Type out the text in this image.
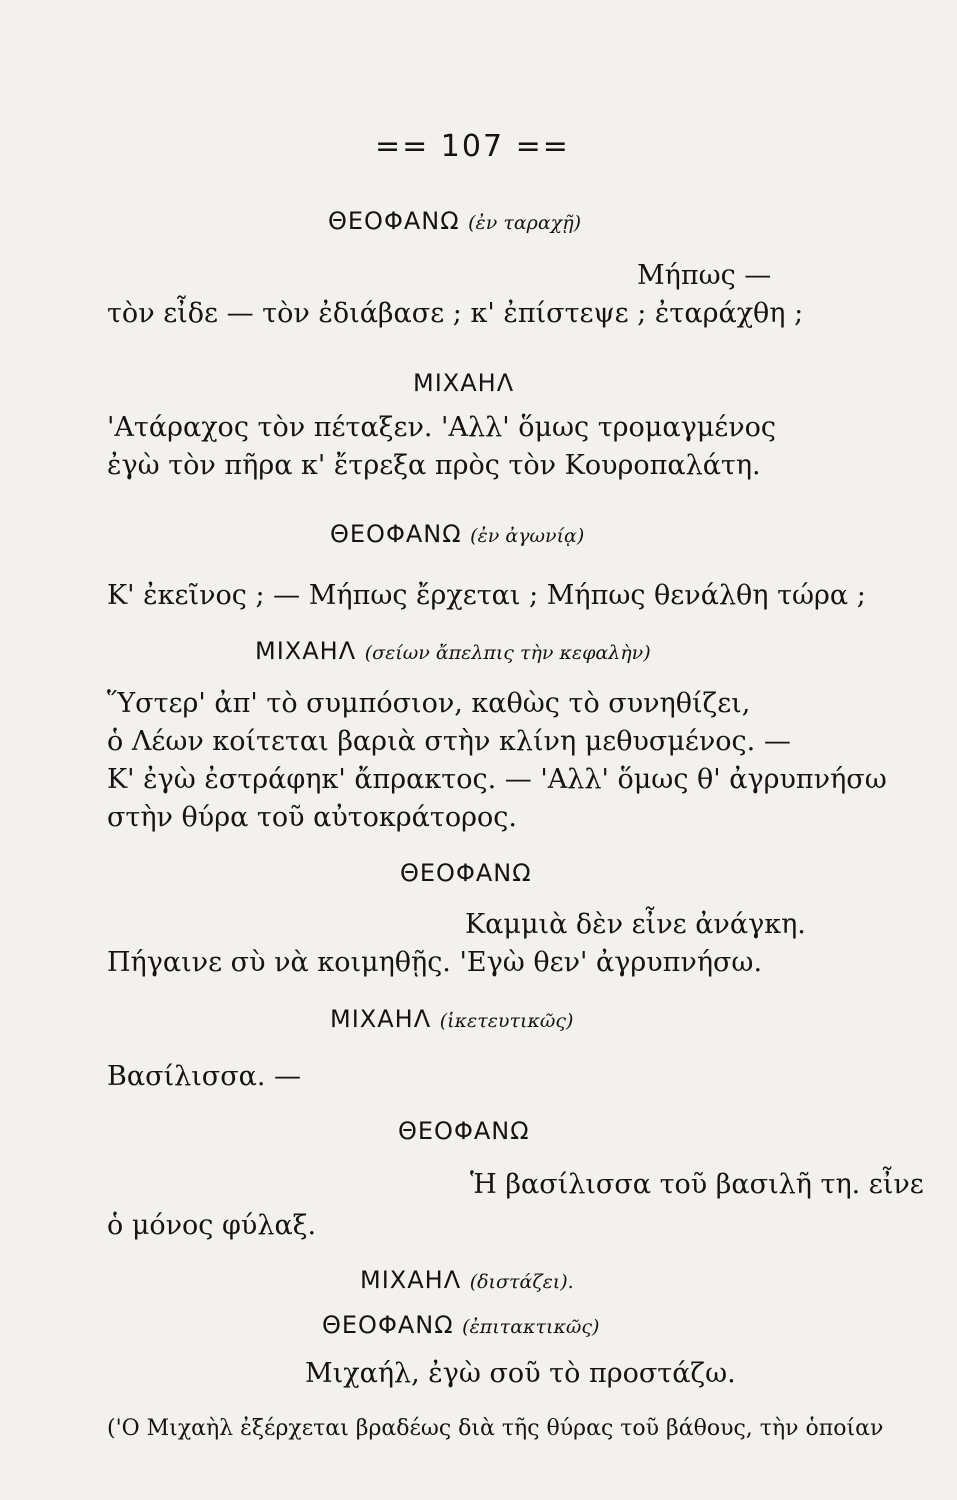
== 107 ==
ΘΕΟΦΑΝΩ (ἐν ταραχῇ)
Μήπως —
τὸν εἶδε — τὸν ἐδιάβασε ; κ' ἐπίστεψε ; ἐταράχθη ;
ΜΙΧΑΗΛ
'Ατάραχος τὸν πέταξεν. 'Αλλ' ὅμως τρομαγμένος
ἐγὼ τὸν πῆρα κ' ἔτρεξα πρὸς τὸν Κουροπαλάτη.
ΘΕΟΦΑΝΩ (ἐν ἀγωνίᾳ)
Κ' ἐκεῖνος ; — Μήπως ἔρχεται ; Μήπως θενάλθη τώρα ;
ΜΙΧΑΗΛ (σείων ἄπελπις τὴν κεφαλὴν)
Ὕστερ' ἀπ' τὸ συμπόσιον, καθὼς τὸ συνηθίζει,
ὁ Λέων κοίτεται βαριὰ στὴν κλίνη μεθυσμένος. —
Κ' ἐγὼ ἐστράφηκ' ἄπρακτος. — 'Αλλ' ὅμως θ' ἀγρυπνήσω
στὴν θύρα τοῦ αὐτοκράτορος.
ΘΕΟΦΑΝΩ
Καμμιὰ δὲν εἶνε ἀνάγκη.
Πήγαινε σὺ νὰ κοιμηθῇς. 'Εγὼ θεν' ἀγρυπνήσω.
ΜΙΧΑΗΛ (ἱκετευτικῶς)
Βασίλισσα. —
ΘΕΟΦΑΝΩ
Ἡ βασίλισσα τοῦ βασιλῆ τη. εἶνε
ὁ μόνος φύλαξ.
ΜΙΧΑΗΛ (διστάζει).
ΘΕΟΦΑΝΩ (ἐπιτακτικῶς)
Μιχαήλ, ἐγὼ σοῦ τὸ προστάζω.
('Ο Μιχαὴλ ἐξέρχεται βραδέως διὰ τῆς θύρας τοῦ βάθους, τὴν ὁποίαν
